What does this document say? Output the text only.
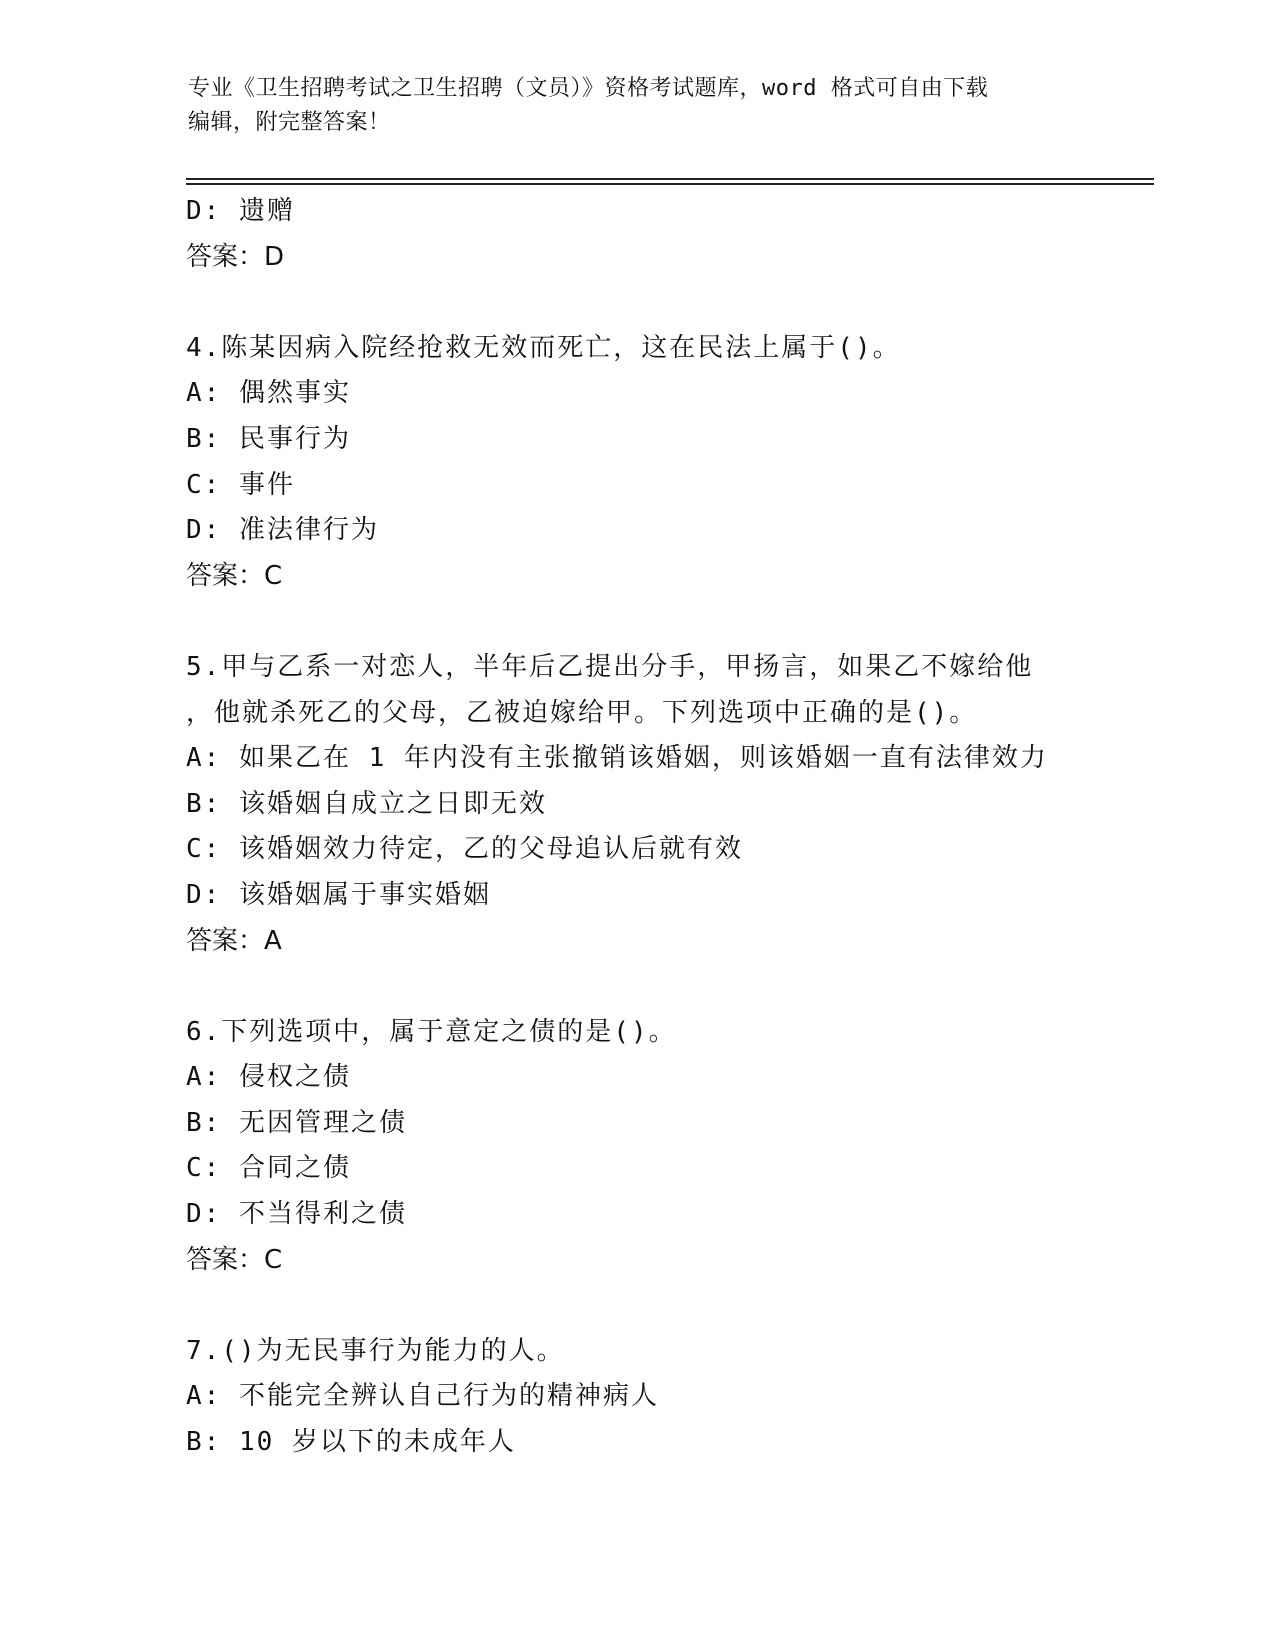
专业《卫生招聘考试之卫生招聘（文员）》资格考试题库，word 格式可自由下载
编辑，附完整答案！
D: 遗赠
答案：D
4.陈某因病入院经抢救无效而死亡，这在民法上属于()。
A: 偶然事实
B: 民事行为
C: 事件
D: 准法律行为
答案：C
5.甲与乙系一对恋人，半年后乙提出分手，甲扬言，如果乙不嫁给他
，他就杀死乙的父母，乙被迫嫁给甲。下列选项中正确的是()。
A: 如果乙在 1 年内没有主张撤销该婚姻，则该婚姻一直有法律效力
B: 该婚姻自成立之日即无效
C: 该婚姻效力待定，乙的父母追认后就有效
D: 该婚姻属于事实婚姻
答案：A
6.下列选项中，属于意定之债的是()。
A: 侵权之债
B: 无因管理之债
C: 合同之债
D: 不当得利之债
答案：C
7.()为无民事行为能力的人。
A: 不能完全辨认自己行为的精神病人
B: 10 岁以下的未成年人
